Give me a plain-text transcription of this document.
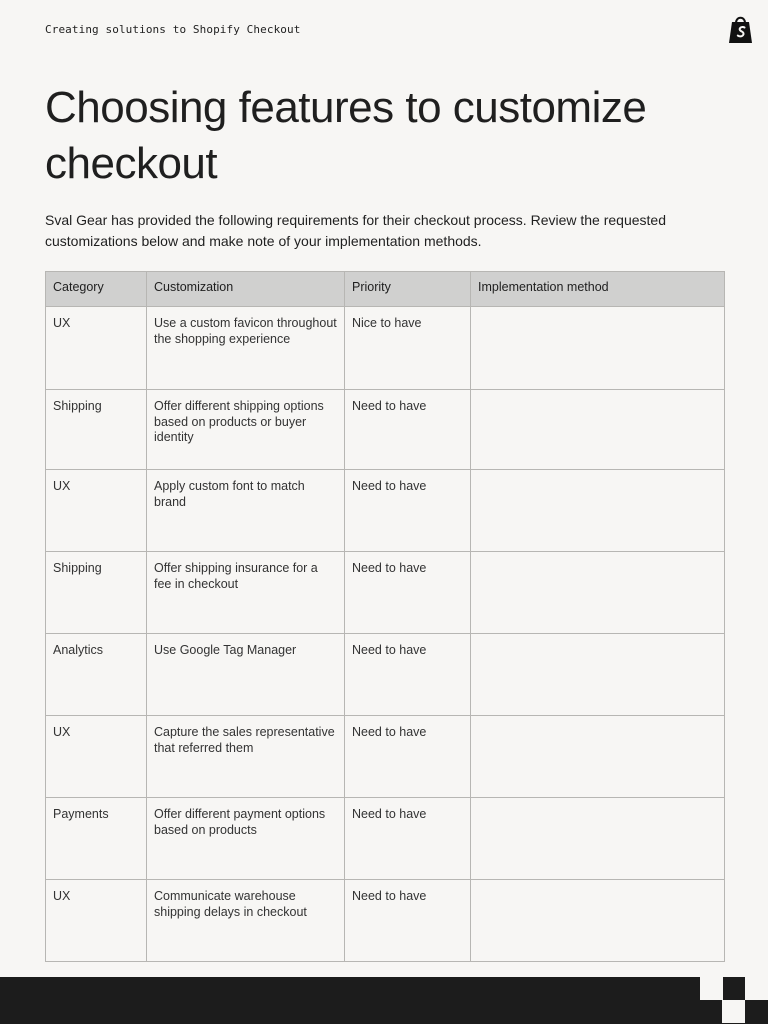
Creating solutions to Shopify Checkout
Choosing features to customize checkout

Sval Gear has provided the following requirements for their checkout process. Review the requested customizations below and make note of your implementation methods.

Category	Customization	Priority	Implementation method
UX	Use a custom favicon throughout the shopping experience	Nice to have	
Shipping	Offer different shipping options based on products or buyer identity	Need to have	
UX	Apply custom font to match brand	Need to have	
Shipping	Offer shipping insurance for a fee in checkout	Need to have	
Analytics	Use Google Tag Manager	Need to have	
UX	Capture the sales representative that referred them	Need to have	
Payments	Offer different payment options based on products	Need to have	
UX	Communicate warehouse shipping delays in checkout	Need to have	
